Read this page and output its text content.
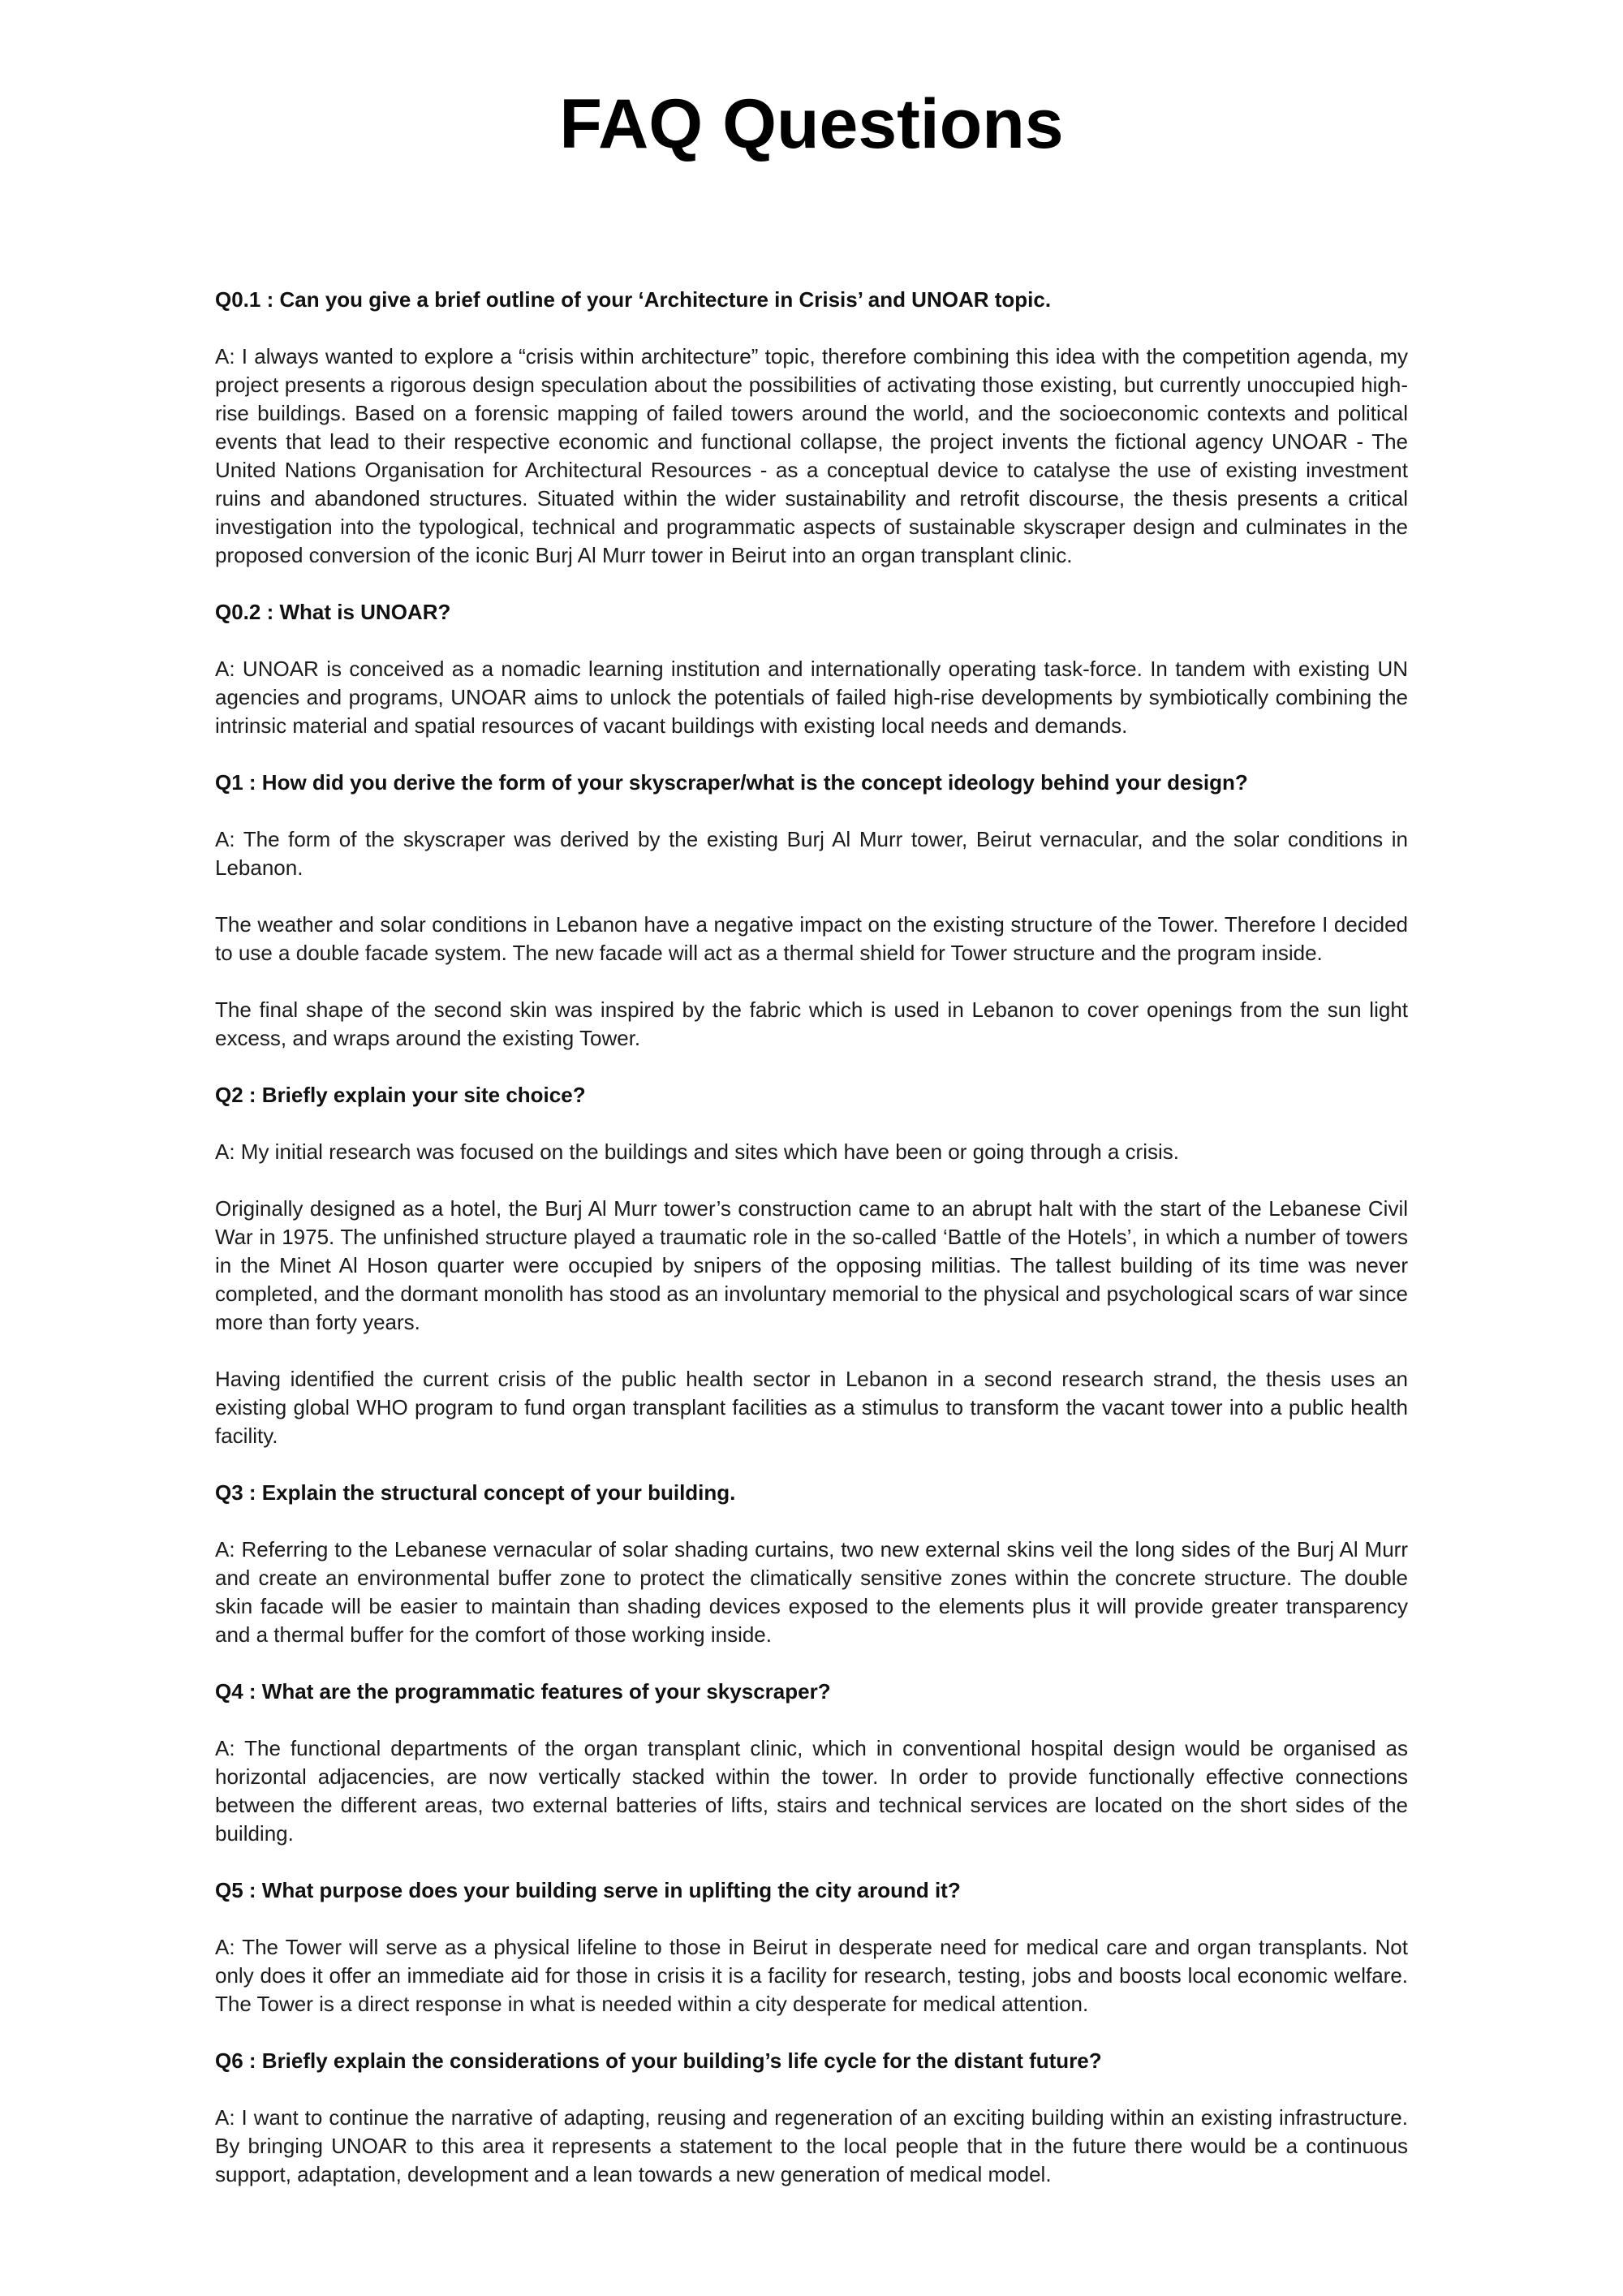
FAQ Questions

Q0.1 : Can you give a brief outline of your ‘Architecture in Crisis’ and UNOAR topic.

A: I always wanted to explore a “crisis within architecture” topic, therefore combining this idea with the competition agenda, my project presents a rigorous design speculation about the possibilities of activating those existing, but currently unoccupied high-rise buildings. Based on a forensic mapping of failed towers around the world, and the socioeconomic contexts and political events that lead to their respective economic and functional collapse, the project invents the fictional agency UNOAR - The United Nations Organisation for Architectural Resources - as a conceptual device to catalyse the use of existing investment ruins and abandoned structures. Situated within the wider sustainability and retrofit discourse, the thesis presents a critical investigation into the typological, technical and programmatic aspects of sustainable skyscraper design and culminates in the proposed conversion of the iconic Burj Al Murr tower in Beirut into an organ transplant clinic.

Q0.2 : What is UNOAR?

A: UNOAR is conceived as a nomadic learning institution and internationally operating task-force. In tandem with existing UN agencies and programs, UNOAR aims to unlock the potentials of failed high-rise developments by symbiotically combining the intrinsic material and spatial resources of vacant buildings with existing local needs and demands.

Q1 : How did you derive the form of your skyscraper/what is the concept ideology behind your design?

A: The form of the skyscraper was derived by the existing Burj Al Murr tower, Beirut vernacular, and the solar conditions in Lebanon.

The weather and solar conditions in Lebanon have a negative impact on the existing structure of the Tower. Therefore I decided to use a double facade system. The new facade will act as a thermal shield for Tower structure and the program inside.

The final shape of the second skin was inspired by the fabric which is used in Lebanon to cover openings from the sun light excess, and wraps around the existing Tower.

Q2 : Briefly explain your site choice?

A: My initial research was focused on the buildings and sites which have been or going through a crisis.

Originally designed as a hotel, the Burj Al Murr tower’s construction came to an abrupt halt with the start of the Lebanese Civil War in 1975. The unfinished structure played a traumatic role in the so-called ‘Battle of the Hotels’, in which a number of towers in the Minet Al Hoson quarter were occupied by snipers of the opposing militias. The tallest building of its time was never completed, and the dormant monolith has stood as an involuntary memorial to the physical and psychological scars of war since more than forty years.

Having identified the current crisis of the public health sector in Lebanon in a second research strand, the thesis uses an existing global WHO program to fund organ transplant facilities as a stimulus to transform the vacant tower into a public health facility.

Q3 : Explain the structural concept of your building.

A: Referring to the Lebanese vernacular of solar shading curtains, two new external skins veil the long sides of the Burj Al Murr and create an environmental buffer zone to protect the climatically sensitive zones within the concrete structure. The double skin facade will be easier to maintain than shading devices exposed to the elements plus it will provide greater transparency and a thermal buffer for the comfort of those working inside.

Q4 : What are the programmatic features of your skyscraper?

A: The functional departments of the organ transplant clinic, which in conventional hospital design would be organised as horizontal adjacencies, are now vertically stacked within the tower. In order to provide functionally effective connections between the different areas, two external batteries of lifts, stairs and technical services are located on the short sides of the building.

Q5 : What purpose does your building serve in uplifting the city around it?

A: The Tower will serve as a physical lifeline to those in Beirut in desperate need for medical care and organ transplants. Not only does it offer an immediate aid for those in crisis it is a facility for research, testing, jobs and boosts local economic welfare. The Tower is a direct response in what is needed within a city desperate for medical attention.

Q6 : Briefly explain the considerations of your building’s life cycle for the distant future?

A: I want to continue the narrative of adapting, reusing and regeneration of an exciting building within an existing infrastructure. By bringing UNOAR to this area it represents a statement to the local people that in the future there would be a continuous support, adaptation, development and a lean towards a new generation of medical model.
